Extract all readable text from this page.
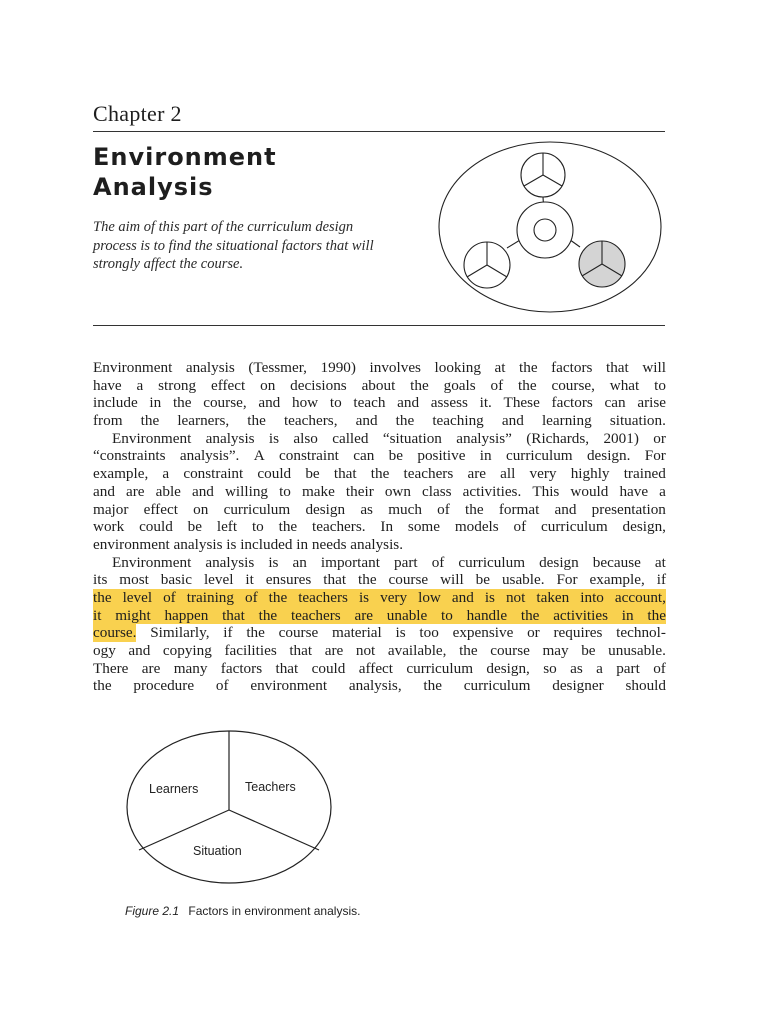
Chapter 2
Environment
Analysis
The aim of this part of the curriculum design
process is to find the situational factors that will
strongly affect the course.
Environment analysis (Tessmer, 1990) involves looking at the factors that will
have a strong effect on decisions about the goals of the course, what to
include in the course, and how to teach and assess it. These factors can arise
from the learners, the teachers, and the teaching and learning situation.
Environment analysis is also called “situation analysis” (Richards, 2001) or
“constraints analysis”. A constraint can be positive in curriculum design. For
example, a constraint could be that the teachers are all very highly trained
and are able and willing to make their own class activities. This would have a
major effect on curriculum design as much of the format and presentation
work could be left to the teachers. In some models of curriculum design,
environment analysis is included in needs analysis.
Environment analysis is an important part of curriculum design because at
its most basic level it ensures that the course will be usable. For example, if
the level of training of the teachers is very low and is not taken into account,
it might happen that the teachers are unable to handle the activities in the
course. Similarly, if the course material is too expensive or requires technol-
ogy and copying facilities that are not available, the course may be unusable.
There are many factors that could affect curriculum design, so as a part of
the procedure of environment analysis, the curriculum designer should
Learners	Teachers
Situation
Figure 2.1 Factors in environment analysis.
